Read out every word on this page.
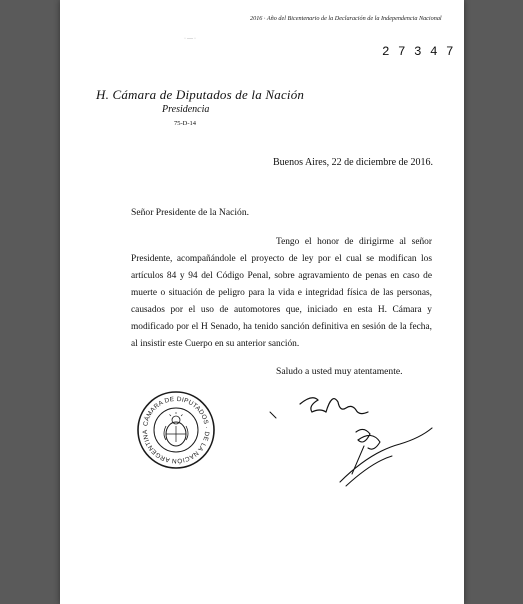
2016 · Año del Bicentenario de la Declaración de la Independencia Nacional
·—·
2 7 3 4 7
H. Cámara de Diputados de la Nación
Presidencia
75-D-14
Buenos Aires, 22 de diciembre de 2016.
Señor Presidente de la Nación.

Tengo el honor de dirigirme al señor Presidente, acompañándole el proyecto de ley por el cual se modifican los artículos 84 y 94 del Código Penal, sobre agravamiento de penas en caso de muerte o situación de peligro para la vida e integridad física de las personas, causados por el uso de automotores que, iniciado en esta H. Cámara y modificado por el H Senado, ha tenido sanción definitiva en sesión de la fecha, al insistir este Cuerpo en su anterior sanción.

Saludo a usted muy atentamente.
CÁMARA DE DIPUTADOS · DE LA NACIÓN ARGENTINA
